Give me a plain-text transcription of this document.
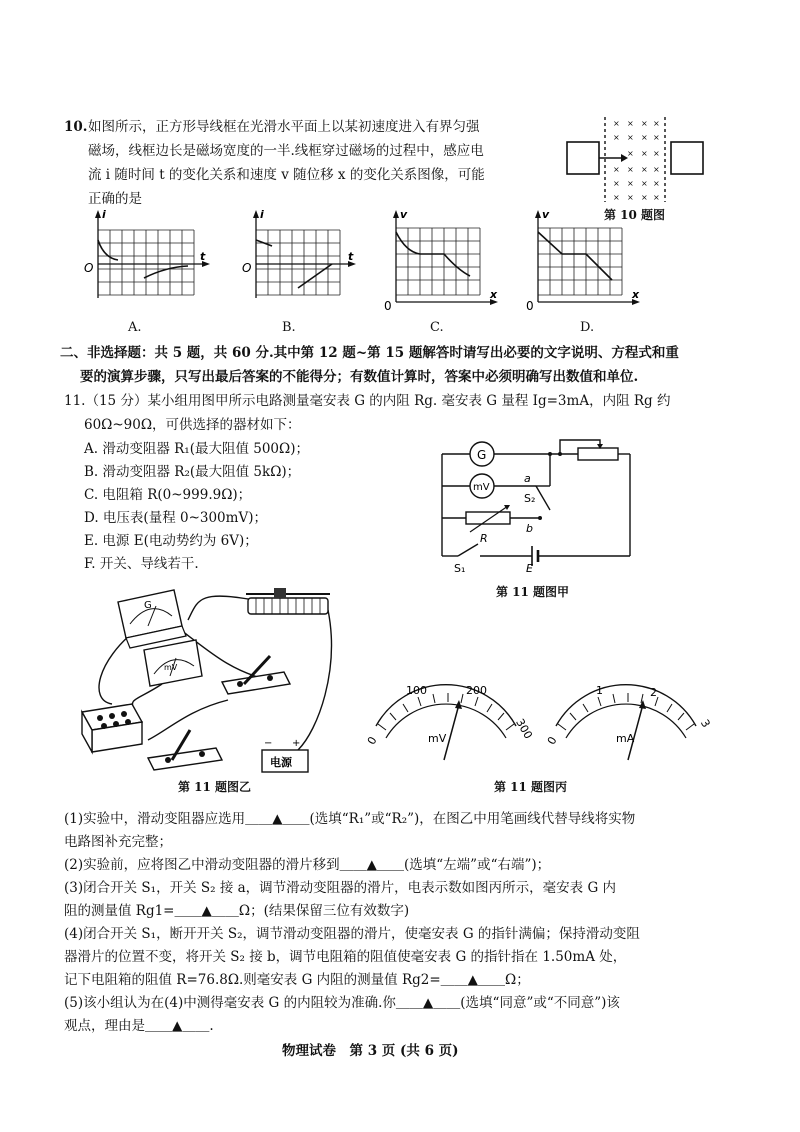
10. 如图所示，正方形导线框在光滑水平面上以某初速度进入有界匀强
磁场，线框边长是磁场宽度的一半.线框穿过磁场的过程中，感应电
流 i 随时间 t 的变化关系和速度 v 随位移 x 的变化关系图像，可能
正确的是
× × × ×
× × × ×
× × ×
× × × ×
× × × ×
× × × ×
第 10 题图
i
t
O
A.
i
t
O
B.
v
x
0
C.
v
x
0
D.
二、非选择题：共 5 题，共 60 分.其中第 12 题~第 15 题解答时请写出必要的文字说明、方程式和重
要的演算步骤，只写出最后答案的不能得分；有数值计算时，答案中必须明确写出数值和单位.
11.（15 分）某小组用图甲所示电路测量毫安表 G 的内阻 Rg. 毫安表 G 量程 Ig=3mA，内阻 Rg 约
60Ω~90Ω，可供选择的器材如下：
A. 滑动变阻器 R₁(最大阻值 500Ω)；
B. 滑动变阻器 R₂(最大阻值 5kΩ)；
C. 电阻箱 R(0~999.9Ω)；
D. 电压表(量程 0~300mV)；
E. 电源 E(电动势约为 6V)；
F. 开关、导线若干.
G
mV
a
S₂
R
b
S₁	E
第 11 题图甲
G
mV
电源
− +
第 11 题图乙
0
100	200
300
mV	0
1	2
3
mA
第 11 题图丙
(1)实验中，滑动变阻器应选用＿＿▲＿＿(选填“R₁”或“R₂”)，在图乙中用笔画线代替导线将实物
电路图补充完整；
(2)实验前，应将图乙中滑动变阻器的滑片移到＿＿▲＿＿(选填“左端”或“右端”)；
(3)闭合开关 S₁，开关 S₂ 接 a，调节滑动变阻器的滑片，电表示数如图丙所示，毫安表 G 内
阻的测量值 Rg1=＿＿▲＿＿Ω；(结果保留三位有效数字)
(4)闭合开关 S₁，断开开关 S₂，调节滑动变阻器的滑片，使毫安表 G 的指针满偏；保持滑动变阻
器滑片的位置不变，将开关 S₂ 接 b，调节电阻箱的阻值使毫安表 G 的指针指在 1.50mA 处，
记下电阻箱的阻值 R=76.8Ω.则毫安表 G 内阻的测量值 Rg2=＿＿▲＿＿Ω；
(5)该小组认为在(4)中测得毫安表 G 的内阻较为准确.你＿＿▲＿＿(选填“同意”或“不同意”)该
观点，理由是＿＿▲＿＿.
物理试卷　第 3 页 (共 6 页)
